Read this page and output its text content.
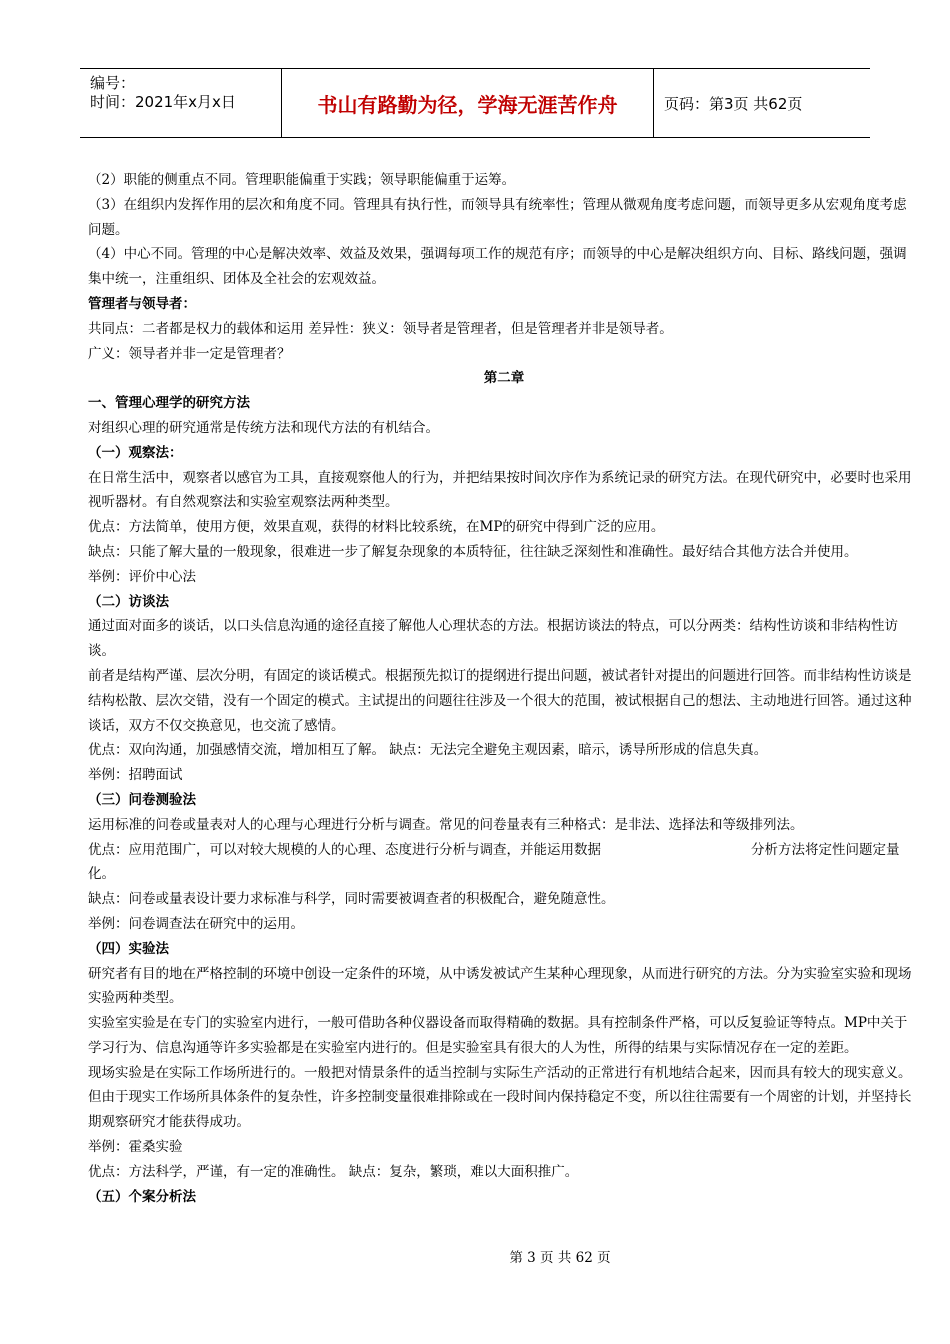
编号：
时间：2021年x月x日	书山有路勤为径，学海无涯苦作舟	页码：第3页 共62页

（2）职能的侧重点不同。管理职能偏重于实践；领导职能偏重于运筹。

（3）在组织内发挥作用的层次和角度不同。管理具有执行性，而领导具有统率性；管理从微观角度考虑问题，而领导更多从宏观角度考虑问题。

（4）中心不同。管理的中心是解决效率、效益及效果，强调每项工作的规范有序；而领导的中心是解决组织方向、目标、路线问题，强调集中统一，注重组织、团体及全社会的宏观效益。

管理者与领导者：

共同点：二者都是权力的载体和运用 差异性：狭义：领导者是管理者，但是管理者并非是领导者。

广义：领导者并非一定是管理者？

第二章

一、管理心理学的研究方法

对组织心理的研究通常是传统方法和现代方法的有机结合。

（一）观察法：

在日常生活中，观察者以感官为工具，直接观察他人的行为，并把结果按时间次序作为系统记录的研究方法。在现代研究中，必要时也采用视听器材。有自然观察法和实验室观察法两种类型。

优点：方法简单，使用方便，效果直观，获得的材料比较系统，在MP的研究中得到广泛的应用。

缺点：只能了解大量的一般现象，很难进一步了解复杂现象的本质特征，往往缺乏深刻性和准确性。最好结合其他方法合并使用。

举例：评价中心法

（二）访谈法

通过面对面多的谈话，以口头信息沟通的途径直接了解他人心理状态的方法。根据访谈法的特点，可以分两类：结构性访谈和非结构性访谈。

前者是结构严谨、层次分明，有固定的谈话模式。根据预先拟订的提纲进行提出问题，被试者针对提出的问题进行回答。而非结构性访谈是结构松散、层次交错，没有一个固定的模式。主试提出的问题往往涉及一个很大的范围，被试根据自己的想法、主动地进行回答。通过这种谈话，双方不仅交换意见，也交流了感情。

优点：双向沟通，加强感情交流，增加相互了解。 缺点：无法完全避免主观因素，暗示，诱导所形成的信息失真。

举例：招聘面试

（三）问卷测验法

运用标准的问卷或量表对人的心理与心理进行分析与调查。常见的问卷量表有三种格式：是非法、选择法和等级排列法。

优点：应用范围广，可以对较大规模的人的心理、态度进行分析与调查，并能运用数据	分析方法将定性问题定量化。

缺点：问卷或量表设计要力求标准与科学，同时需要被调查者的积极配合，避免随意性。

举例：问卷调查法在研究中的运用。

（四）实验法

研究者有目的地在严格控制的环境中创设一定条件的环境，从中诱发被试产生某种心理现象，从而进行研究的方法。分为实验室实验和现场实验两种类型。

实验室实验是在专门的实验室内进行，一般可借助各种仪器设备而取得精确的数据。具有控制条件严格，可以反复验证等特点。MP中关于学习行为、信息沟通等许多实验都是在实验室内进行的。但是实验室具有很大的人为性，所得的结果与实际情况存在一定的差距。

现场实验是在实际工作场所进行的。一般把对情景条件的适当控制与实际生产活动的正常进行有机地结合起来，因而具有较大的现实意义。但由于现实工作场所具体条件的复杂性，许多控制变量很难排除或在一段时间内保持稳定不变，所以往往需要有一个周密的计划，并坚持长期观察研究才能获得成功。

举例：霍桑实验

优点：方法科学，严谨，有一定的准确性。 缺点：复杂，繁琐，难以大面积推广。

（五）个案分析法

第 3 页 共 62 页
